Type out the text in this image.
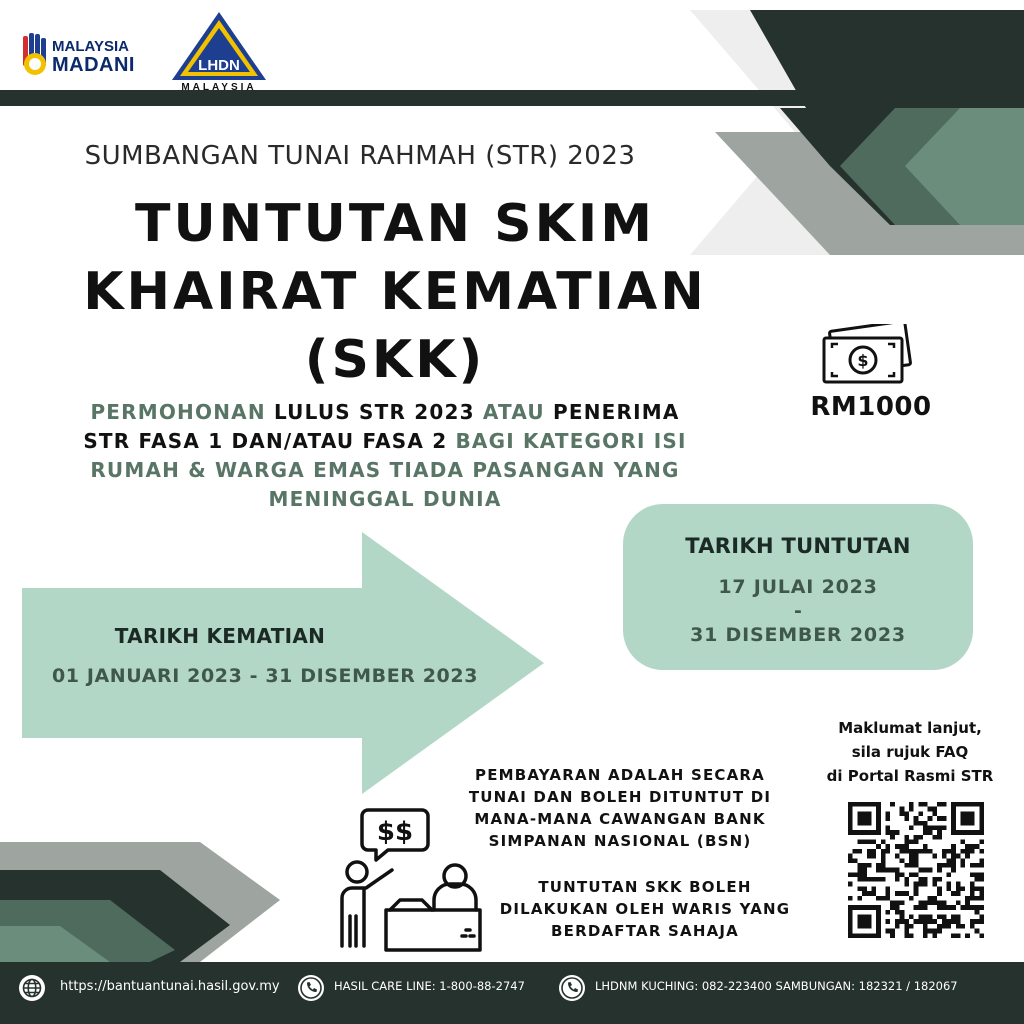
MALAYSIA
MADANI	LHDN
MALAYSIA
SUMBANGAN TUNAI RAHMAH (STR) 2023
TUNTUTAN SKIM
KHAIRAT KEMATIAN
(SKK)
PERMOHONAN LULUS STR 2023 ATAU PENERIMA
STR FASA 1 DAN/ATAU FASA 2 BAGI KATEGORI ISI
RUMAH & WARGA EMAS TIADA PASANGAN YANG
MENINGGAL DUNIA
$
RM1000
TARIKH KEMATIAN
01 JANUARI 2023 - 31 DISEMBER 2023
TARIKH TUNTUTAN
17 JULAI 2023
-
31 DISEMBER 2023
Maklumat lanjut,
sila rujuk FAQ
di Portal Rasmi STR
PEMBAYARAN ADALAH SECARA
TUNAI DAN BOLEH DITUNTUT DI
MANA-MANA CAWANGAN BANK
SIMPANAN NASIONAL (BSN)
TUNTUTAN SKK BOLEH
DILAKUKAN OLEH WARIS YANG
BERDAFTAR SAHAJA
$$
https://bantuantunai.hasil.gov.my	HASIL CARE LINE: 1-800-88-2747	LHDNM KUCHING: 082-223400 SAMBUNGAN: 182321 / 182067
